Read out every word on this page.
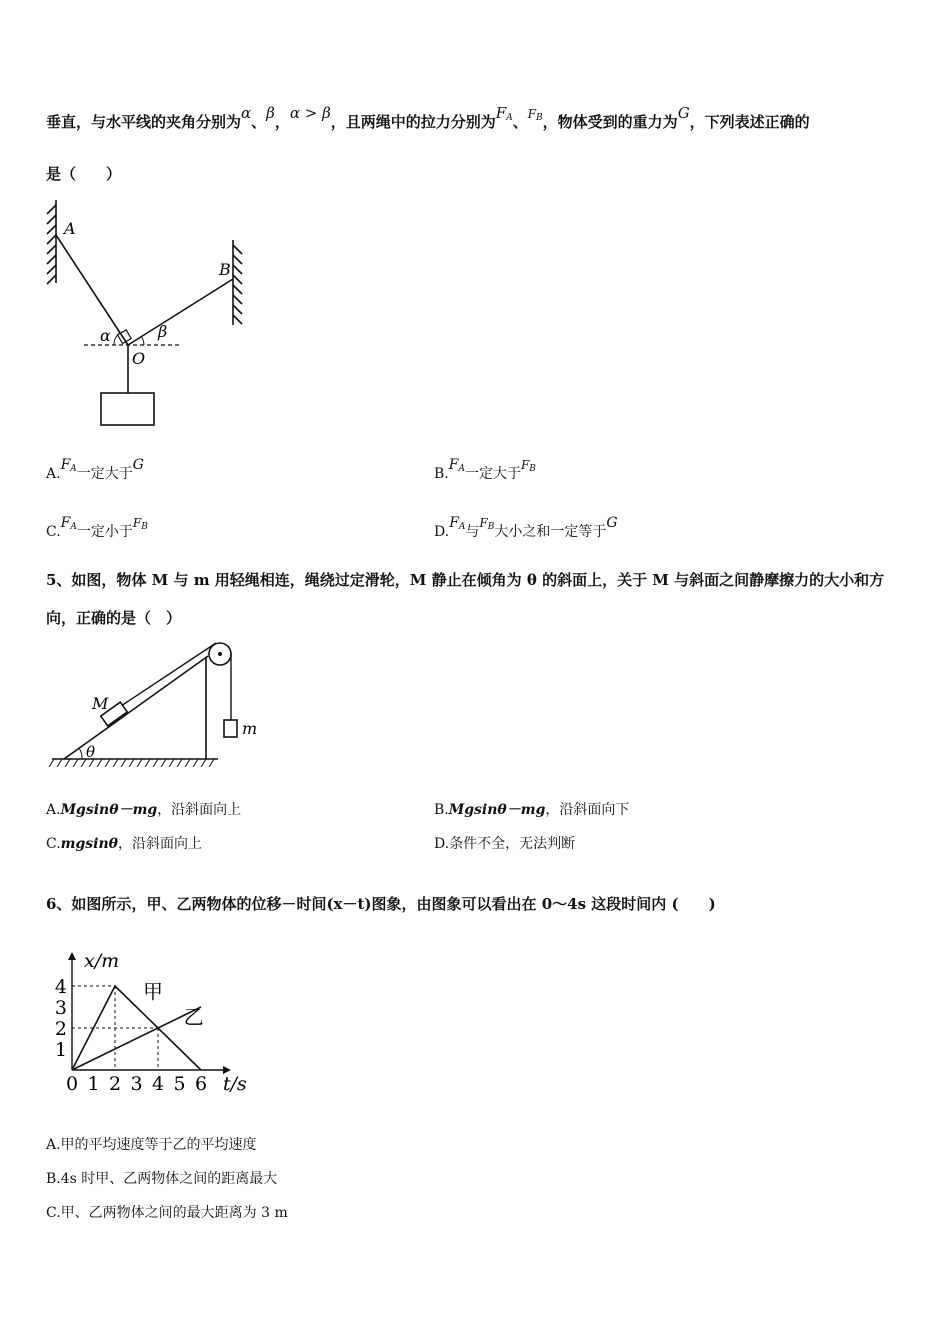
垂直，与水平线的夹角分别为α、β，α > β，且两绳中的拉力分别为$F_A$、$^{F_B}$，物体受到的重力为G，下列表述正确的
是（　　）
A
B
O
α	β
$A.F_A$一定大于G
$B.F_A$一定大于$F_B$
$C.F_A$一定小于$F_B$	$D.F_A$与$F_B$大小之和一定等于G
5、如图，物体 M 与 m 用轻绳相连，绳绕过定滑轮，M 静止在倾角为 θ 的斜面上，关于 M 与斜面之间静摩擦力的大小和方
向，正确的是（　）
M
m
θ
A.Mgsinθ－mg，沿斜面向上	B.Mgsinθ－mg，沿斜面向下
C.mgsinθ，沿斜面向上	D.条件不全，无法判断
6、如图所示，甲、乙两物体的位移－时间(x－t)图象，由图象可以看出在 0～4s 这段时间内 (　　)
0 1 2 3 4 5 6
1
2
3
4
x/m
t/s
甲
乙
A.甲的平均速度等于乙的平均速度
B.4s 时甲、乙两物体之间的距离最大
C.甲、乙两物体之间的最大距离为 3 m
